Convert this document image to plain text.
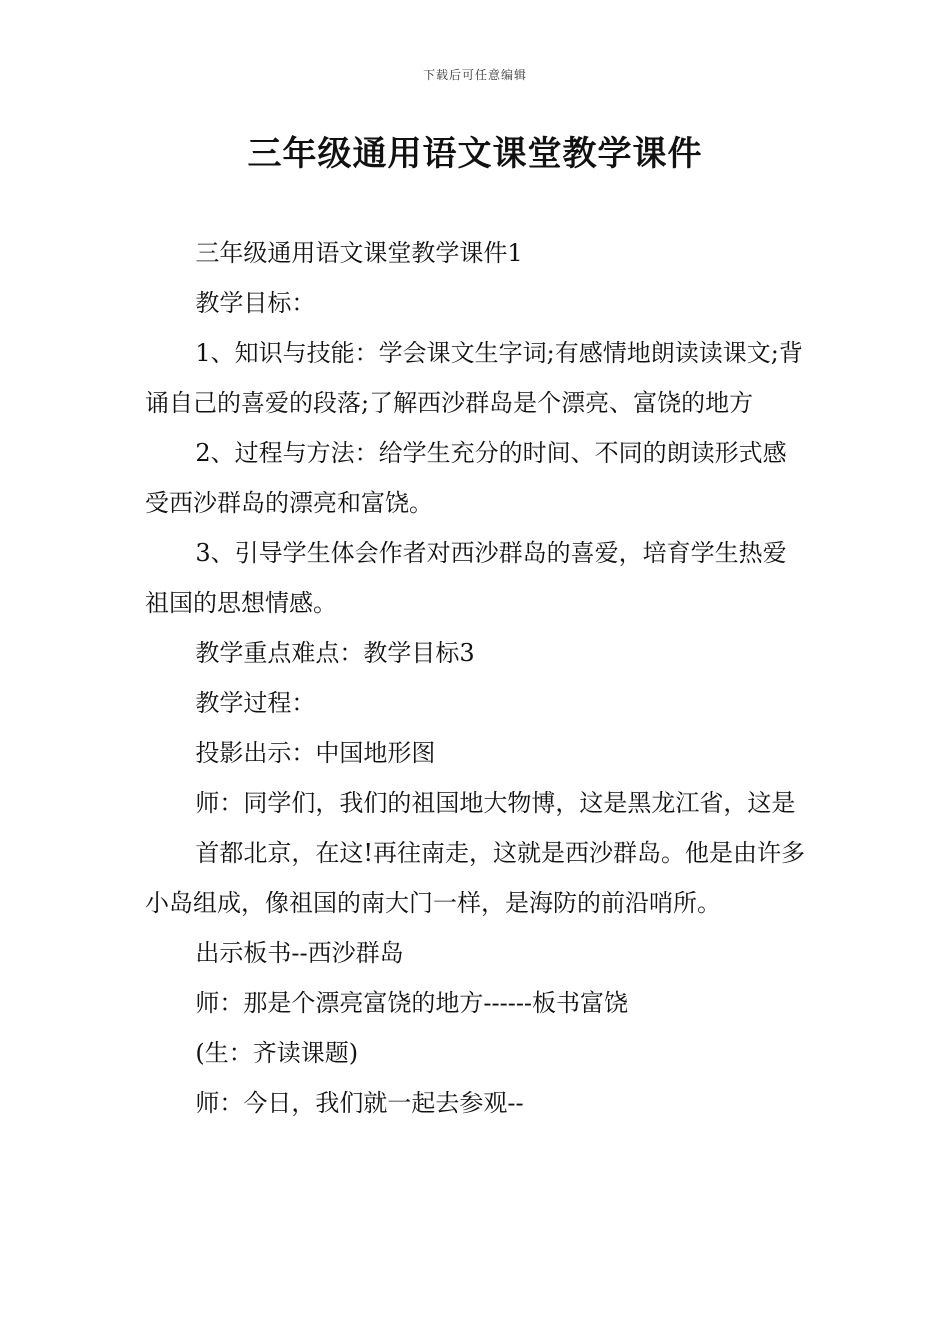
下载后可任意编辑
三年级通用语文课堂教学课件

三年级通用语文课堂教学课件1

教学目标：

1、知识与技能：学会课文生字词;有感情地朗读读课文;背诵自己的喜爱的段落;了解西沙群岛是个漂亮、富饶的地方

2、过程与方法：给学生充分的时间、不同的朗读形式感受西沙群岛的漂亮和富饶。

3、引导学生体会作者对西沙群岛的喜爱，培育学生热爱祖国的思想情感。

教学重点难点：教学目标3

教学过程：

投影出示：中国地形图

师：同学们，我们的祖国地大物博，这是黑龙江省，这是

首都北京，在这!再往南走，这就是西沙群岛。他是由许多小岛组成，像祖国的南大门一样，是海防的前沿哨所。

出示板书--西沙群岛

师：那是个漂亮富饶的地方------板书富饶

(生：齐读课题)

师：今日，我们就一起去参观--
